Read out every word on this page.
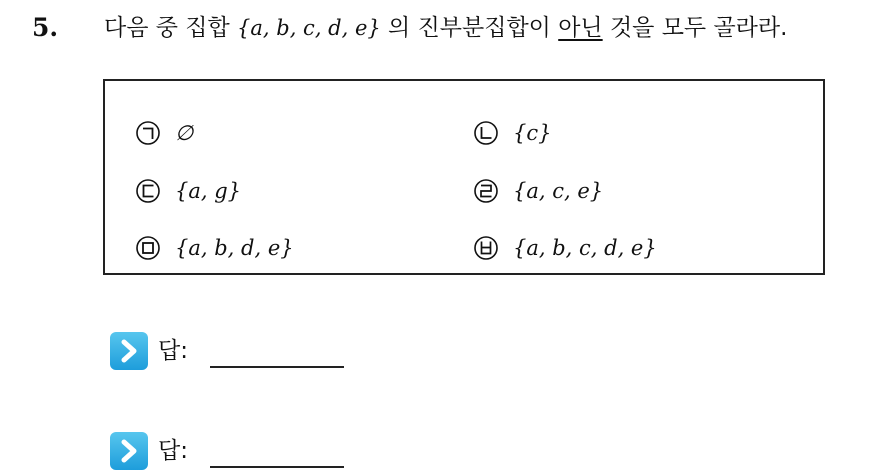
5. 다음 중 집합 {a, b, c, d, e} 의 진부분집합이 아닌 것을 모두 골라라.
∅	{c}
{a, g}	{a, c, e}
{a, b, d, e}	{a, b, c, d, e}
답:
답:
